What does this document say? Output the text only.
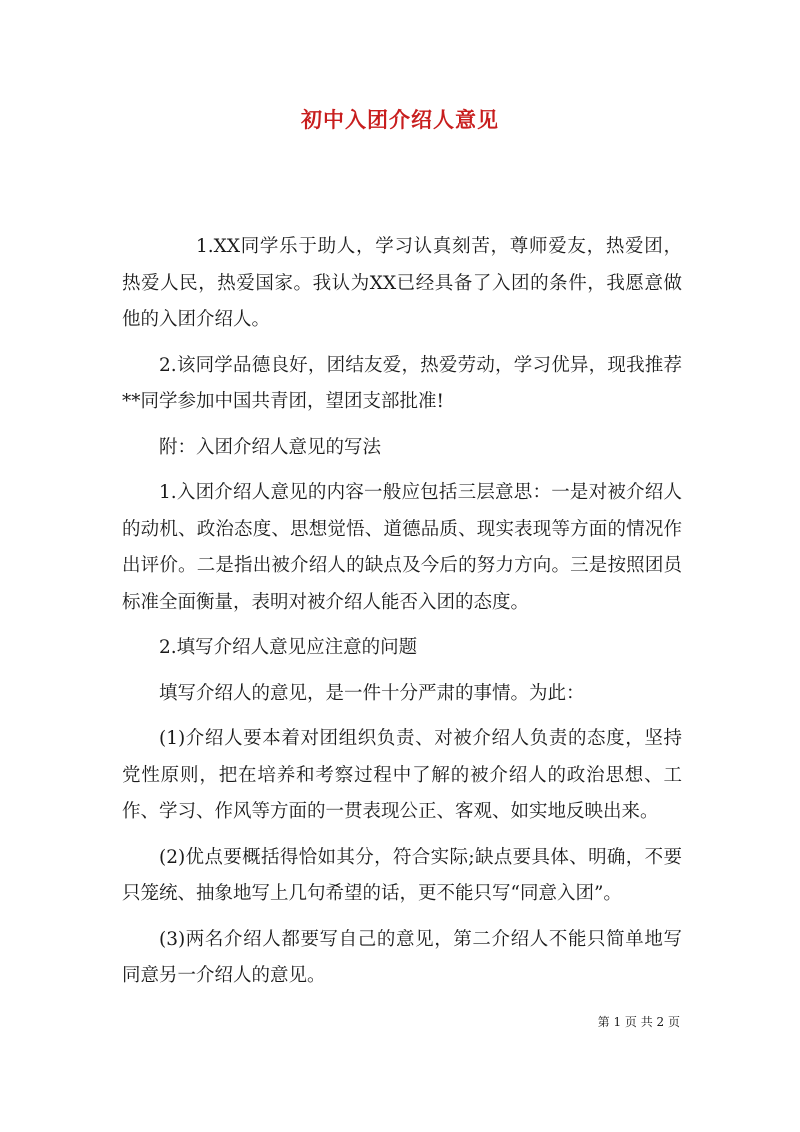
初中入团介绍人意见

1.XX同学乐于助人，学习认真刻苦，尊师爱友，热爱团，热爱人民，热爱国家。我认为XX已经具备了入团的条件，我愿意做他的入团介绍人。

2.该同学品德良好，团结友爱，热爱劳动，学习优异，现我推荐**同学参加中国共青团，望团支部批准!

附：入团介绍人意见的写法

1.入团介绍人意见的内容一般应包括三层意思：一是对被介绍人的动机、政治态度、思想觉悟、道德品质、现实表现等方面的情况作出评价。二是指出被介绍人的缺点及今后的努力方向。三是按照团员标准全面衡量，表明对被介绍人能否入团的态度。

2.填写介绍人意见应注意的问题

填写介绍人的意见，是一件十分严肃的事情。为此：

(1)介绍人要本着对团组织负责、对被介绍人负责的态度，坚持党性原则，把在培养和考察过程中了解的被介绍人的政治思想、工作、学习、作风等方面的一贯表现公正、客观、如实地反映出来。

(2)优点要概括得恰如其分，符合实际;缺点要具体、明确，不要只笼统、抽象地写上几句希望的话，更不能只写“同意入团”。

(3)两名介绍人都要写自己的意见，第二介绍人不能只简单地写同意另一介绍人的意见。

第 1 页 共 2 页
